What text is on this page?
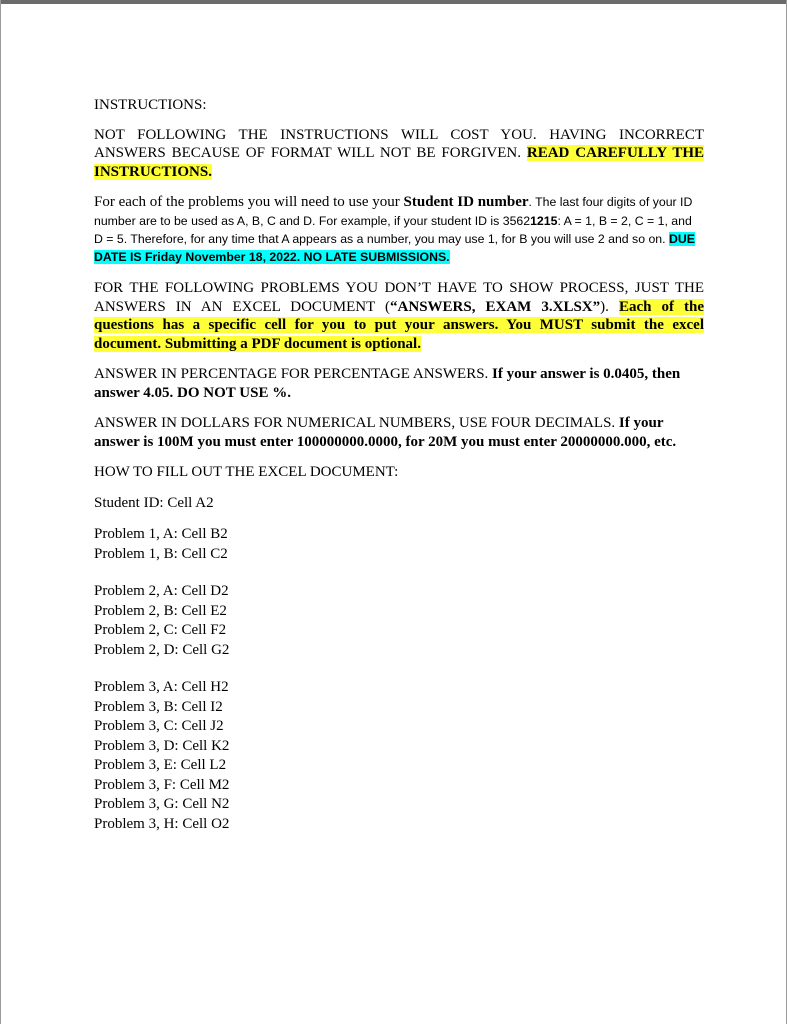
INSTRUCTIONS:

NOT FOLLOWING THE INSTRUCTIONS WILL COST YOU. HAVING INCORRECT ANSWERS BECAUSE OF FORMAT WILL NOT BE FORGIVEN. READ CAREFULLY THE INSTRUCTIONS.

For each of the problems you will need to use your Student ID number. The last four digits of your ID number are to be used as A, B, C and D. For example, if your student ID is 35621215: A = 1, B = 2, C = 1, and D = 5. Therefore, for any time that A appears as a number, you may use 1, for B you will use 2 and so on. DUE DATE IS Friday November 18, 2022. NO LATE SUBMISSIONS.

FOR THE FOLLOWING PROBLEMS YOU DON’T HAVE TO SHOW PROCESS, JUST THE ANSWERS IN AN EXCEL DOCUMENT (“ANSWERS, EXAM 3.XLSX”). Each of the questions has a specific cell for you to put your answers. You MUST submit the excel document. Submitting a PDF document is optional.

ANSWER IN PERCENTAGE FOR PERCENTAGE ANSWERS. If your answer is 0.0405, then answer 4.05. DO NOT USE %.

ANSWER IN DOLLARS FOR NUMERICAL NUMBERS, USE FOUR DECIMALS. If your answer is 100M you must enter 100000000.0000, for 20M you must enter 20000000.000, etc.

HOW TO FILL OUT THE EXCEL DOCUMENT:

Student ID: Cell A2

Problem 1, A: Cell B2

Problem 1, B: Cell C2

Problem 2, A: Cell D2

Problem 2, B: Cell E2

Problem 2, C: Cell F2

Problem 2, D: Cell G2

Problem 3, A: Cell H2

Problem 3, B: Cell I2

Problem 3, C: Cell J2

Problem 3, D: Cell K2

Problem 3, E: Cell L2

Problem 3, F: Cell M2

Problem 3, G: Cell N2

Problem 3, H: Cell O2
